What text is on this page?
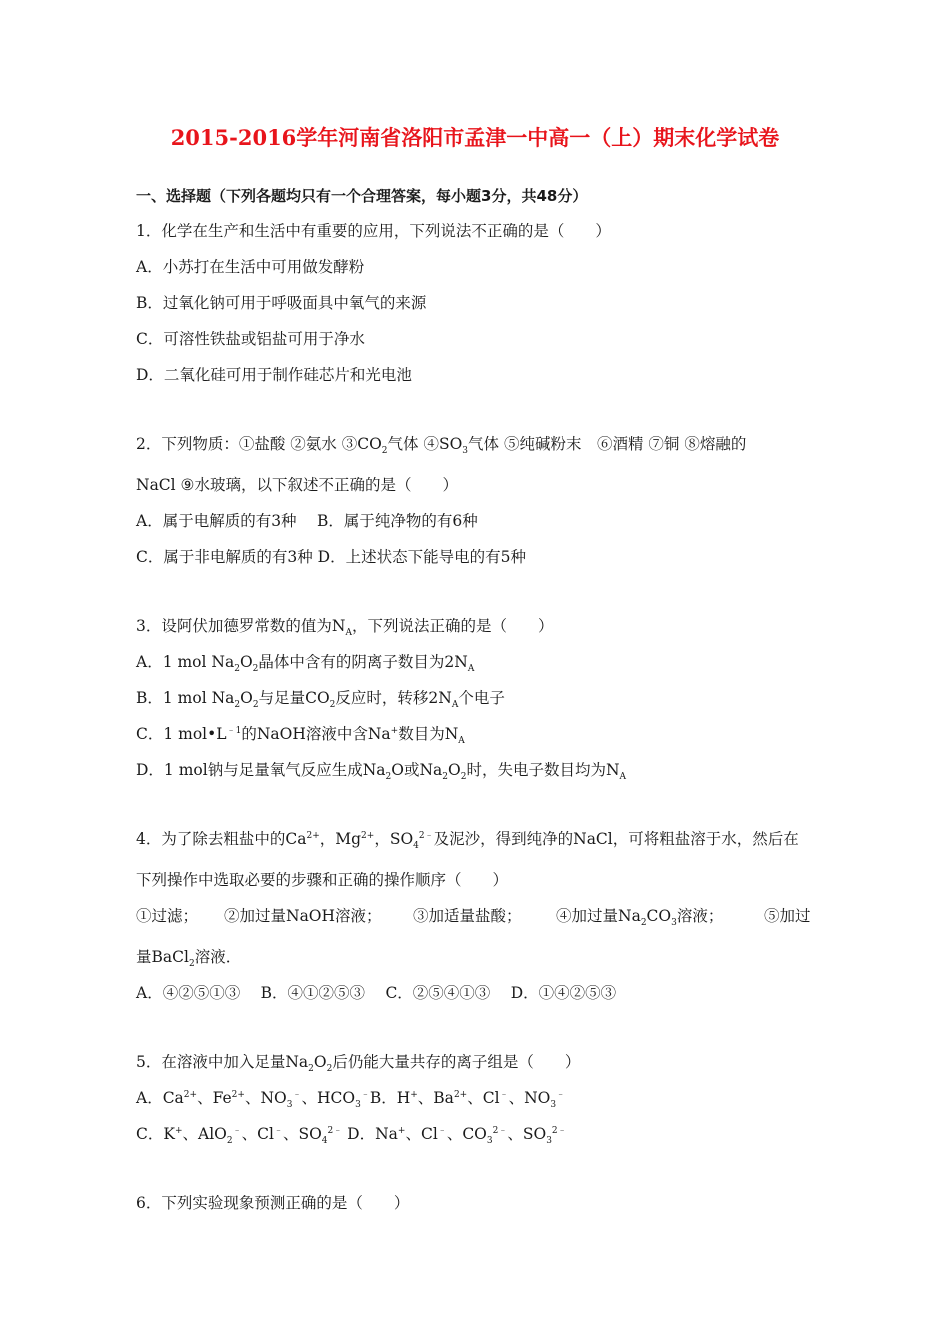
2015-2016学年河南省洛阳市孟津一中高一（上）期末化学试卷
一、选择题（下列各题均只有一个合理答案，每小题3分，共48分）
1．化学在生产和生活中有重要的应用，下列说法不正确的是（　　）
A．小苏打在生活中可用做发酵粉
B．过氧化钠可用于呼吸面具中氧气的来源
C．可溶性铁盐或铝盐可用于净水
D．二氧化硅可用于制作硅芯片和光电池
2．下列物质：①盐酸 ②氨水 $③CO_2$气体 $④SO_3$气体 ⑤纯碱粉末　⑥酒精 ⑦铜 ⑧熔融的
NaCl ⑨水玻璃，以下叙述不正确的是（　　）
A．属于电解质的有3种　 B．属于纯净物的有6种
C．属于非电解质的有3种 D．上述状态下能导电的有5种
3．设阿伏加德罗常数的值为$N_A$，下列说法正确的是（　　）
A．1 mol $Na_2O_2$晶体中含有的阴离子数目为$2N_A$
B．1 mol $Na_2O_2$与足量$CO_2$反应时，转移$2N_A$个电子
C．1 $mol•L^{﹣1}$的NaOH溶液中含Na+数目为$N_A$
D．1 mol钠与足量氧气反应生成$Na_2O$或$Na_2O_2$时，失电子数目均为$N_A$
4．为了除去粗盐中的$Ca^{2+}$，$Mg^{2+}$，$SO_4^{2﹣}$及泥沙，得到纯净的NaCl，可将粗盐溶于水，然后在
下列操作中选取必要的步骤和正确的操作顺序（　　）
①过滤； ②加过量NaOH溶液； ③加适量盐酸； ④加过量$Na_2CO_3$溶液；	⑤加过
量BaCl$_2$溶液．
A．④②⑤①③　 B．④①②⑤③　 C．②⑤④①③　 D．①④②⑤③
5．在溶液中加入足量$Na_2O_2$后仍能大量共存的离子组是（　　）
A．$Ca^{2+}$、$Fe^{2+}$、$NO_3^﹣$、$HCO_3^﹣B$．H+、$Ba^{2+}$、Cl﹣、$NO_3^﹣$
C．K+、AlO$_2$﹣、Cl﹣、$SO_4^{2﹣}$ D．Na+、Cl﹣、$CO_3^{2﹣}$、$SO_3^{2﹣}$
6．下列实验现象预测正确的是（　　）
